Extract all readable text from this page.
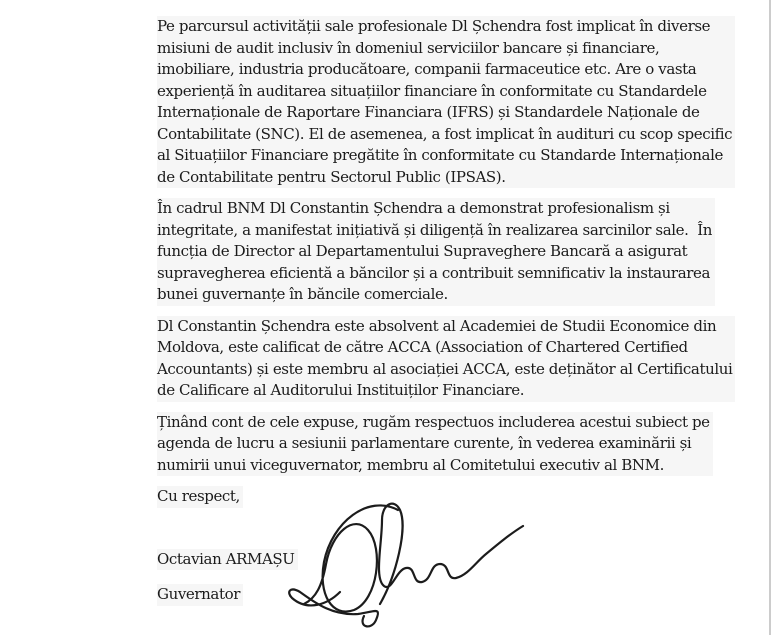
Pe parcursul activității sale profesionale Dl Șchendra fost implicat în diverse
misiuni de audit inclusiv în domeniul serviciilor bancare și financiare,
imobiliare, industria producătoare, companii farmaceutice etc. Are o vasta
experiență în auditarea situațiilor financiare în conformitate cu Standardele
Internaționale de Raportare Financiara (IFRS) și Standardele Naționale de
Contabilitate (SNC). El de asemenea, a fost implicat în audituri cu scop specific
al Situațiilor Financiare pregătite în conformitate cu Standarde Internaționale
de Contabilitate pentru Sectorul Public (IPSAS).

În cadrul BNM Dl Constantin Șchendra a demonstrat profesionalism și
integritate, a manifestat inițiativă și diligență în realizarea sarcinilor sale.  În
funcția de Director al Departamentului Supraveghere Bancară a asigurat
supravegherea eficientă a băncilor și a contribuit semnificativ la instaurarea
bunei guvernanțe în băncile comerciale.

Dl Constantin Șchendra este absolvent al Academiei de Studii Economice din
Moldova, este calificat de către ACCA (Association of Chartered Certified
Accountants) și este membru al asociației ACCA, este deținător al Certificatului
de Calificare al Auditorului Instituiților Financiare.

Ținând cont de cele expuse, rugăm respectuos includerea acestui subiect pe
agenda de lucru a sesiunii parlamentare curente, în vederea examinării și
numirii unui viceguvernator, membru al Comitetului executiv al BNM.

Cu respect,

Octavian ARMAȘU

Guvernator
